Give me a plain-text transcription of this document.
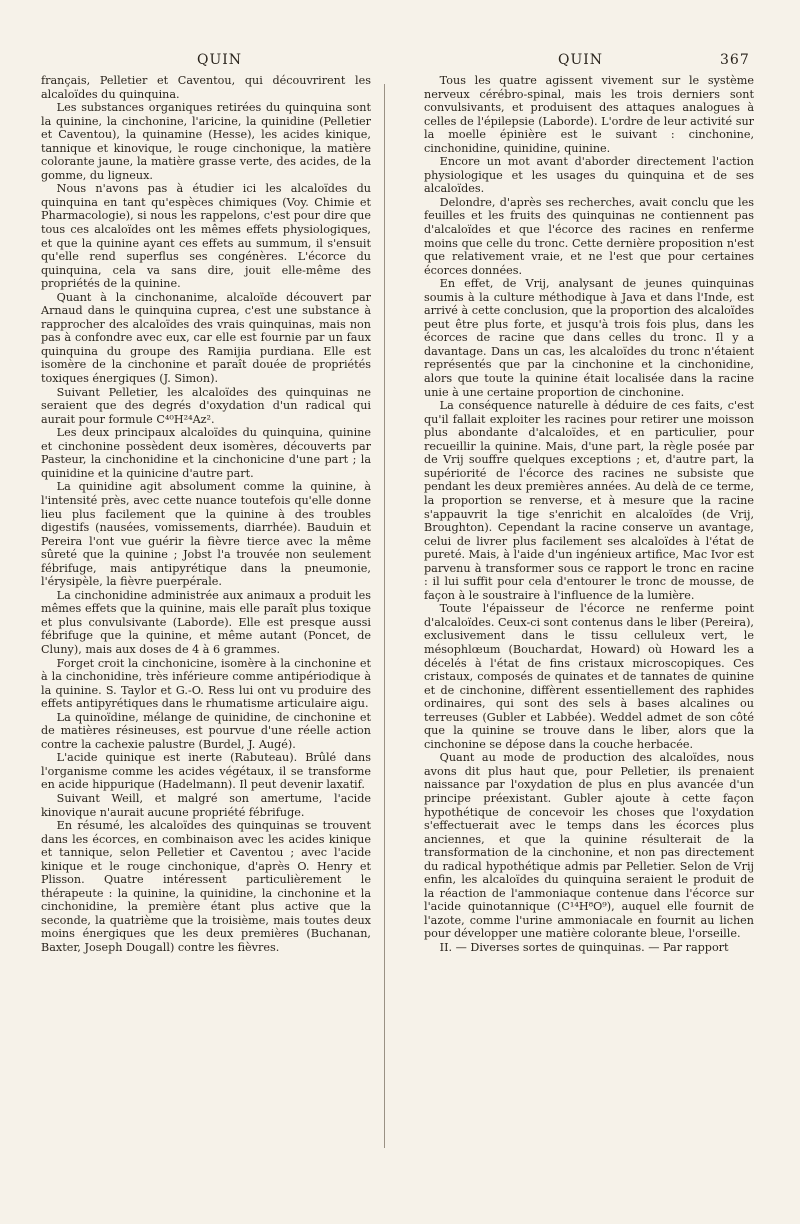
QUIN	QUIN	367

français, Pelletier et Caventou, qui découvrirent les alcaloïdes du quinquina.

Les substances organiques retirées du quinquina sont la quinine, la cinchonine, l'aricine, la quinidine (Pelletier et Caventou), la quinamine (Hesse), les acides kinique, tannique et kinovique, le rouge cinchonique, la matière colorante jaune, la matière grasse verte, des acides, de la gomme, du ligneux.

Nous n'avons pas à étudier ici les alcaloïdes du quinquina en tant qu'espèces chimiques (Voy. Chimie et Pharmacologie), si nous les rappelons, c'est pour dire que tous ces alcaloïdes ont les mêmes effets physiologiques, et que la quinine ayant ces effets au summum, il s'ensuit qu'elle rend superflus ses congénères. L'écorce du quinquina, cela va sans dire, jouit elle-même des propriétés de la quinine.

Quant à la cinchonanime, alcaloïde découvert par Arnaud dans le quinquina cuprea, c'est une substance à rapprocher des alcaloïdes des vrais quinquinas, mais non pas à confondre avec eux, car elle est fournie par un faux quinquina du groupe des Ramijia purdiana. Elle est isomère de la cinchonine et paraît douée de propriétés toxiques énergiques (J. Simon).

Suivant Pelletier, les alcaloïdes des quinquinas ne seraient que des degrés d'oxydation d'un radical qui aurait pour formule C⁴⁰H²⁴Az².

Les deux principaux alcaloïdes du quinquina, quinine et cinchonine possèdent deux isomères, découverts par Pasteur, la cinchonidine et la cinchonicine d'une part ; la quinidine et la quinicine d'autre part.

La quinidine agit absolument comme la quinine, à l'intensité près, avec cette nuance toutefois qu'elle donne lieu plus facilement que la quinine à des troubles digestifs (nausées, vomissements, diarrhée). Bauduin et Pereira l'ont vue guérir la fièvre tierce avec la même sûreté que la quinine ; Jobst l'a trouvée non seulement fébrifuge, mais antipyrétique dans la pneumonie, l'érysipèle, la fièvre puerpérale.

La cinchonidine administrée aux animaux a produit les mêmes effets que la quinine, mais elle paraît plus toxique et plus convulsivante (Laborde). Elle est presque aussi fébrifuge que la quinine, et même autant (Poncet, de Cluny), mais aux doses de 4 à 6 grammes.

Forget croit la cinchonicine, isomère à la cinchonine et à la cinchonidine, très inférieure comme antipériodique à la quinine. S. Taylor et G.-O. Ress lui ont vu produire des effets antipyrétiques dans le rhumatisme articulaire aigu.

La quinoïdine, mélange de quinidine, de cinchonine et de matières résineuses, est pourvue d'une réelle action contre la cachexie palustre (Burdel, J. Augé).

L'acide quinique est inerte (Rabuteau). Brûlé dans l'organisme comme les acides végétaux, il se transforme en acide hippurique (Hadelmann). Il peut devenir laxatif.

Suivant Weill, et malgré son amertume, l'acide kinovique n'aurait aucune propriété fébrifuge.

En résumé, les alcaloïdes des quinquinas se trouvent dans les écorces, en combinaison avec les acides kinique et tannique, selon Pelletier et Caventou ; avec l'acide kinique et le rouge cinchonique, d'après O. Henry et Plisson. Quatre intéressent particulièrement le thérapeute : la quinine, la quinidine, la cinchonine et la cinchonidine, la première étant plus active que la seconde, la quatrième que la troisième, mais toutes deux moins énergiques que les deux premières (Buchanan, Baxter, Joseph Dougall) contre les fièvres.

Tous les quatre agissent vivement sur le système nerveux cérébro-spinal, mais les trois derniers sont convulsivants, et produisent des attaques analogues à celles de l'épilepsie (Laborde). L'ordre de leur activité sur la moelle épinière est le suivant : cinchonine, cinchonidine, quinidine, quinine.

Encore un mot avant d'aborder directement l'action physiologique et les usages du quinquina et de ses alcaloïdes.

Delondre, d'après ses recherches, avait conclu que les feuilles et les fruits des quinquinas ne contiennent pas d'alcaloïdes et que l'écorce des racines en renferme moins que celle du tronc. Cette dernière proposition n'est que relativement vraie, et ne l'est que pour certaines écorces données.

En effet, de Vrij, analysant de jeunes quinquinas soumis à la culture méthodique à Java et dans l'Inde, est arrivé à cette conclusion, que la proportion des alcaloïdes peut être plus forte, et jusqu'à trois fois plus, dans les écorces de racine que dans celles du tronc. Il y a davantage. Dans un cas, les alcaloïdes du tronc n'étaient représentés que par la cinchonine et la cinchonidine, alors que toute la quinine était localisée dans la racine unie à une certaine proportion de cinchonine.

La conséquence naturelle à déduire de ces faits, c'est qu'il fallait exploiter les racines pour retirer une moisson plus abondante d'alcaloïdes, et en particulier, pour recueillir la quinine. Mais, d'une part, la règle posée par de Vrij souffre quelques exceptions ; et, d'autre part, la supériorité de l'écorce des racines ne subsiste que pendant les deux premières années. Au delà de ce terme, la proportion se renverse, et à mesure que la racine s'appauvrit la tige s'enrichit en alcaloïdes (de Vrij, Broughton). Cependant la racine conserve un avantage, celui de livrer plus facilement ses alcaloïdes à l'état de pureté. Mais, à l'aide d'un ingénieux artifice, Mac Ivor est parvenu à transformer sous ce rapport le tronc en racine : il lui suffit pour cela d'entourer le tronc de mousse, de façon à le soustraire à l'influence de la lumière.

Toute l'épaisseur de l'écorce ne renferme point d'alcaloïdes. Ceux-ci sont contenus dans le liber (Pereira), exclusivement dans le tissu celluleux vert, le mésophlœum (Bouchardat, Howard) où Howard les a décelés à l'état de fins cristaux microscopiques. Ces cristaux, composés de quinates et de tannates de quinine et de cinchonine, diffèrent essentiellement des raphides ordinaires, qui sont des sels à bases alcalines ou terreuses (Gubler et Labbée). Weddel admet de son côté que la quinine se trouve dans le liber, alors que la cinchonine se dépose dans la couche herbacée.

Quant au mode de production des alcaloïdes, nous avons dit plus haut que, pour Pelletier, ils prenaient naissance par l'oxydation de plus en plus avancée d'un principe préexistant. Gubler ajoute à cette façon hypothétique de concevoir les choses que l'oxydation s'effectuerait avec le temps dans les écorces plus anciennes, et que la quinine résulterait de la transformation de la cinchonine, et non pas directement du radical hypothétique admis par Pelletier. Selon de Vrij enfin, les alcaloïdes du quinquina seraient le produit de la réaction de l'ammoniaque contenue dans l'écorce sur l'acide quinotannique (C¹⁴H⁸O⁹), auquel elle fournit de l'azote, comme l'urine ammoniacale en fournit au lichen pour développer une matière colorante bleue, l'orseille.

II. — Diverses sortes de quinquinas. — Par rapport
